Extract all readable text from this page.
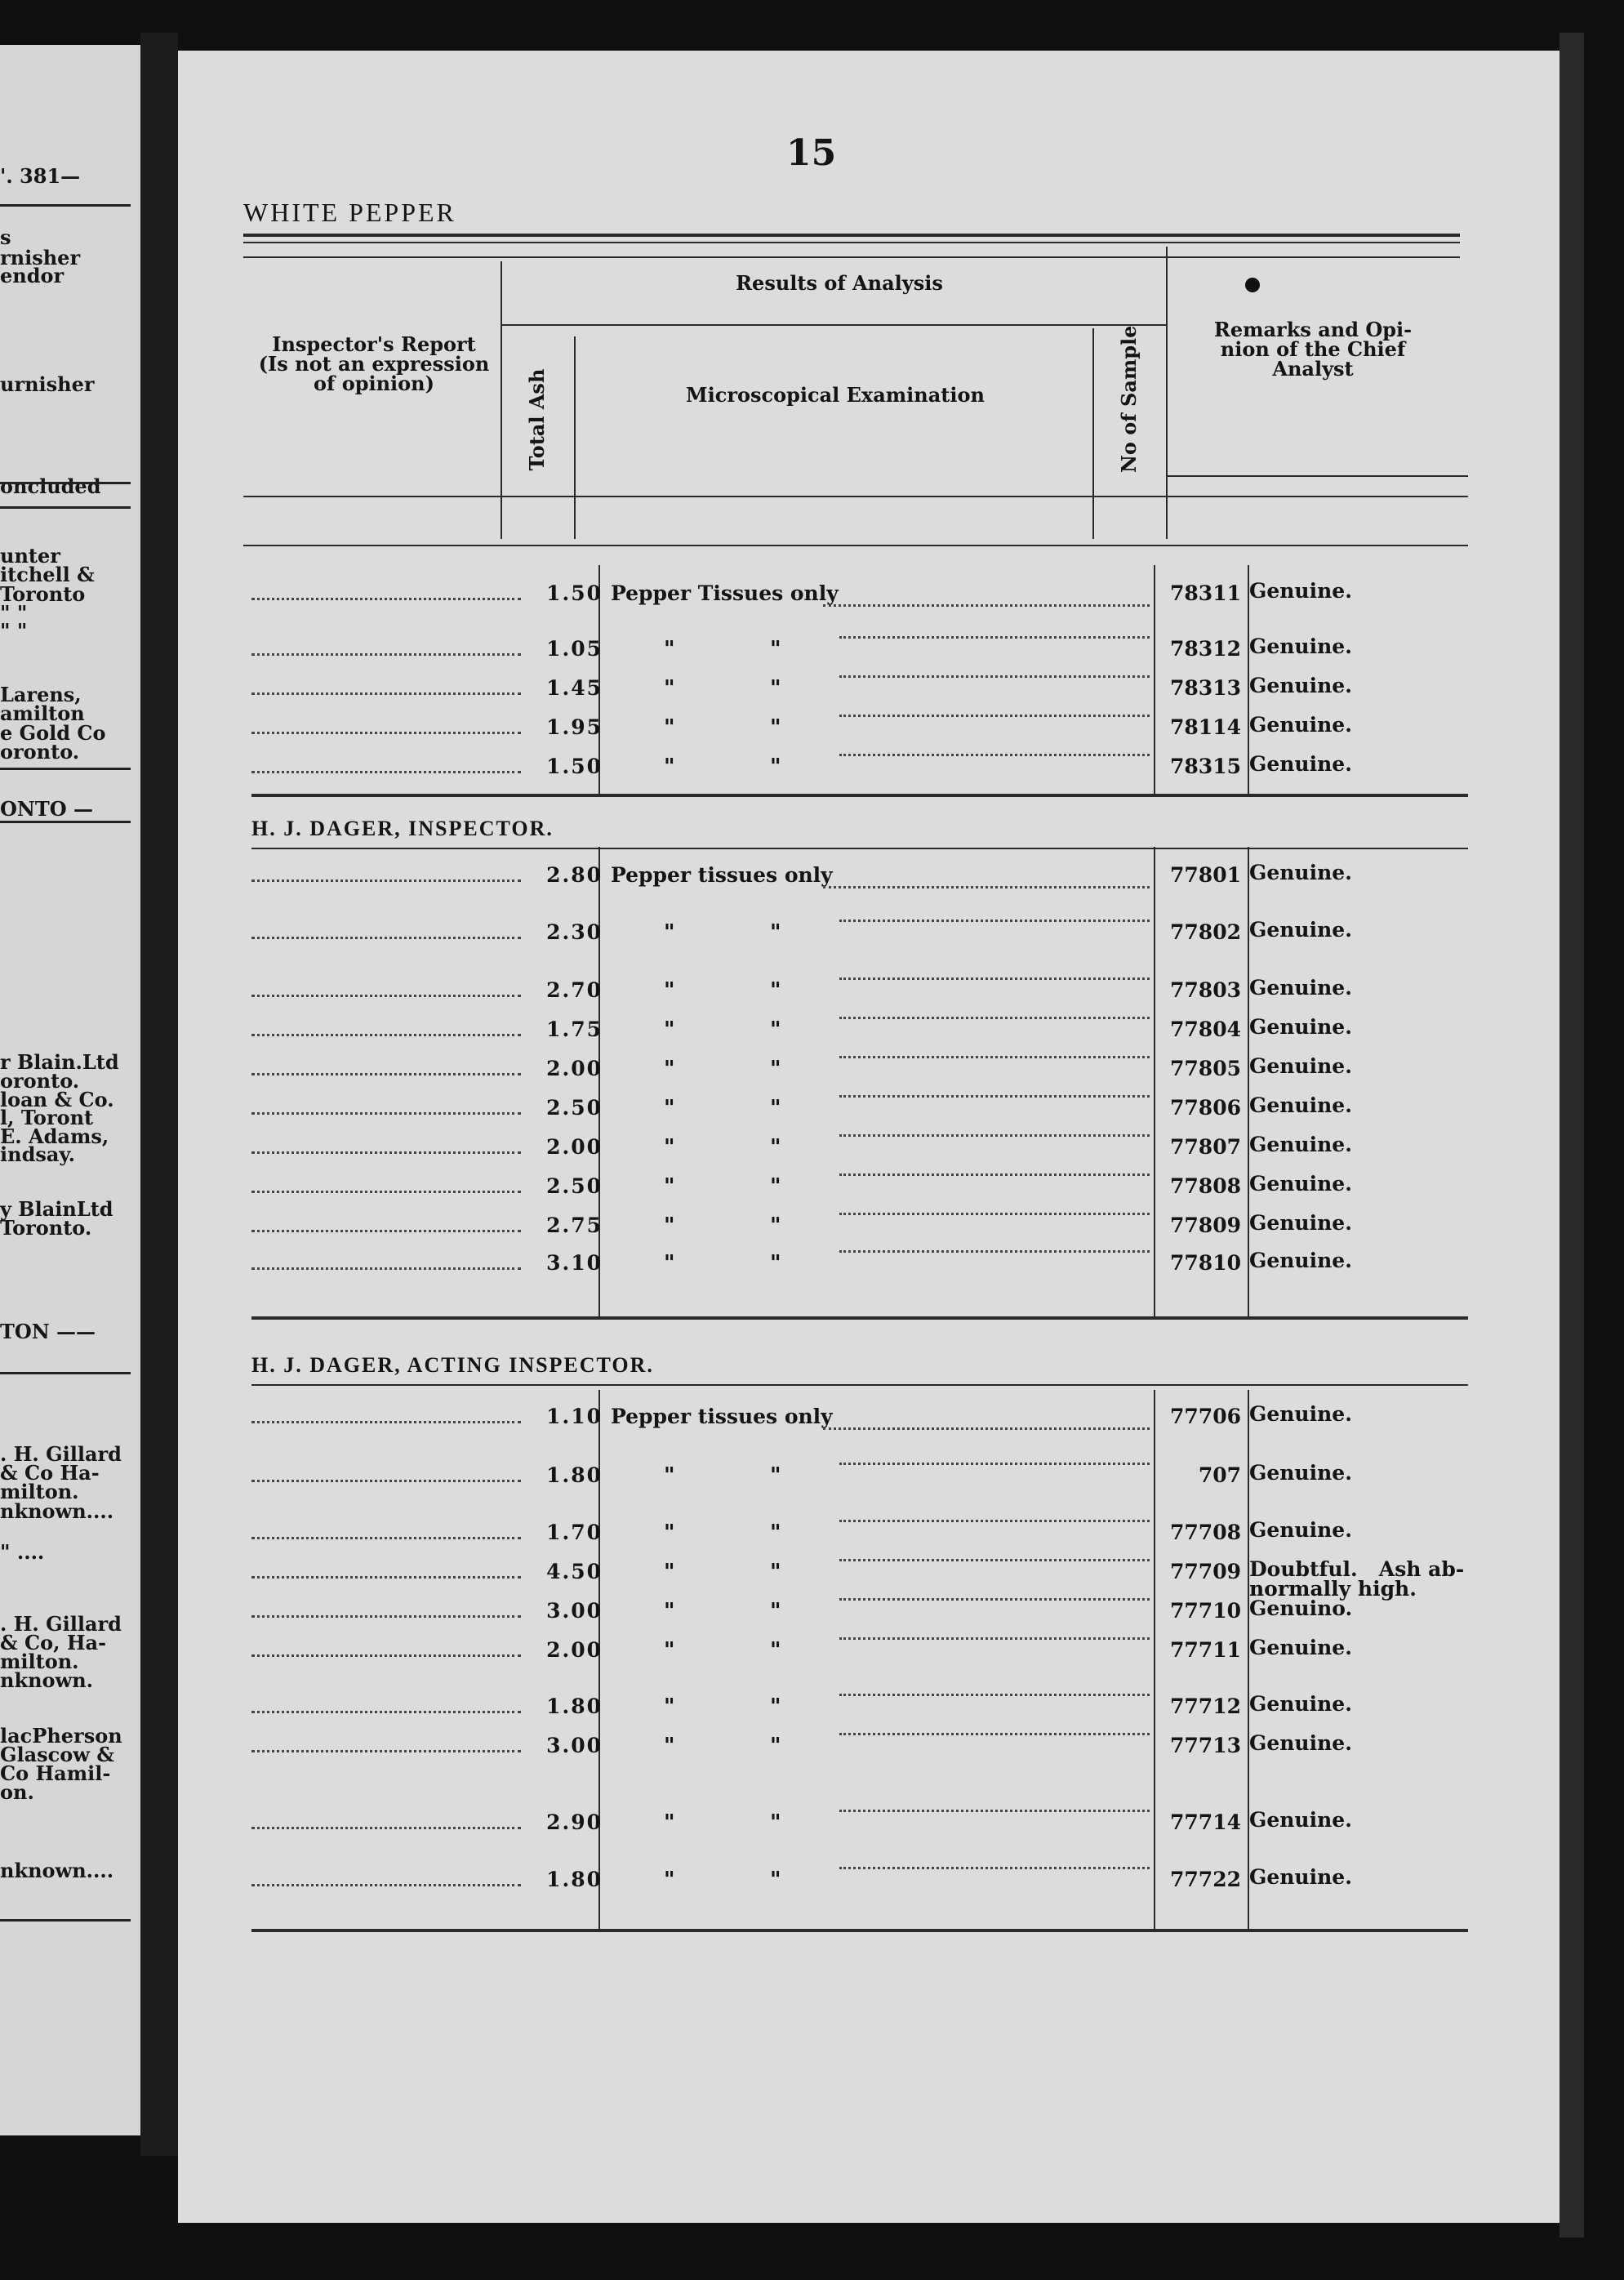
'. 381—
s
rnisher
endor
urnisher
oncluded
unter
itchell &
Toronto
" "
" "
Larens,
amilton
e Gold Co
oronto.
ONTO —
r Blain.Ltd
oronto.
loan & Co.
l, Toront
E. Adams,
indsay.
y BlainLtd
Toronto.
TON ——
. H. Gillard
& Co Ha-
milton.
nknown....
" ....
. H. Gillard
& Co, Ha-
milton.
nknown.
lacPherson
Glascow &
Co Hamil-
on.
nknown....
15
WHITE PEPPER
Inspector's Report
(Is not an expression
of opinion)
Results of Analysis
Total Ash	Microscopical Examination	No of Sample	Remarks and Opi-
nion of the Chief
Analyst
1.50 Pepper Tissues only	78311 Genuine.
1.05	"	"	78312 Genuine.
1.45	"	"	78313 Genuine.
1.95	"	"	78114 Genuine.
1.50	"	"	78315 Genuine.
H. J. DAGER, INSPECTOR.
2.80 Pepper tissues only	77801 Genuine.
2.30	"	"	77802 Genuine.
2.70	"	"	77803 Genuine.
1.75	"	"	77804 Genuine.
2.00	"	"	77805 Genuine.
2.50	"	"	77806 Genuine.
2.00	"	"	77807 Genuine.
2.50	"	"	77808 Genuine.
2.75	"	"	77809 Genuine.
3.10	"	"	77810 Genuine.
H. J. DAGER, ACTING INSPECTOR.
1.10 Pepper tissues only	77706 Genuine.
1.80	"	"	707 Genuine.
1.70	"	"	77708 Genuine.
4.50	"	"	77709 Doubtful.   Ash ab-
normally high.
3.00	"	"	77710 Genuino.
2.00	"	"	77711 Genuine.
1.80	"	"	77712 Genuine.
3.00	"	"	77713 Genuine.
2.90	"	"	77714 Genuine.
1.80	"	"	77722 Genuine.
